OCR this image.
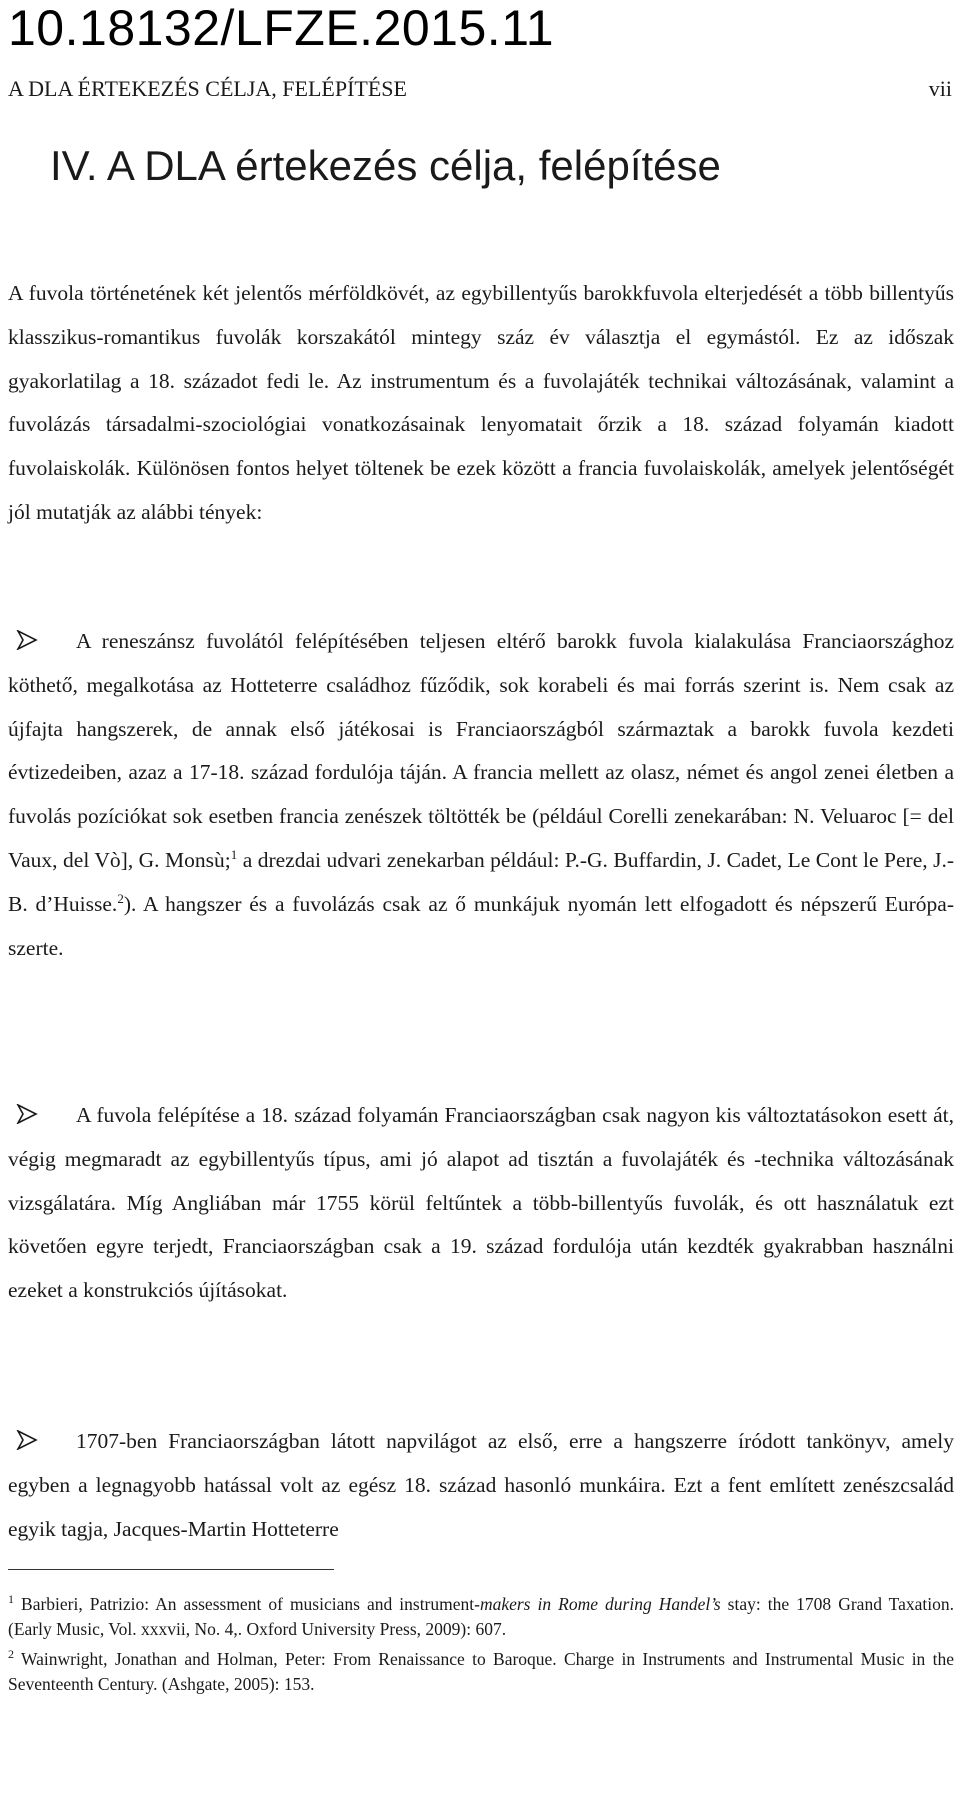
10.18132/LFZE.2015.11
A DLA ÉRTEKEZÉS CÉLJA, FELÉPÍTÉSE	vii
IV. A DLA értekezés célja, felépítése
A fuvola történetének két jelentős mérföldkövét, az egybillentyűs barokkfuvola elterjedését a több billentyűs klasszikus-romantikus fuvolák korszakától mintegy száz év választja el egymástól. Ez az időszak gyakorlatilag a 18. századot fedi le. Az instrumentum és a fuvolajáték technikai változásának, valamint a fuvolázás társadalmi-szociológiai vonatkozásainak lenyomatait őrzik a 18. század folyamán kiadott fuvolaiskolák. Különösen fontos helyet töltenek be ezek között a francia fuvolaiskolák, amelyek jelentőségét jól mutatják az alábbi tények:
A reneszánsz fuvolától felépítésében teljesen eltérő barokk fuvola kialakulása Franciaországhoz köthető, megalkotása az Hotteterre családhoz fűződik, sok korabeli és mai forrás szerint is. Nem csak az újfajta hangszerek, de annak első játékosai is Franciaországból származtak a barokk fuvola kezdeti évtizedeiben, azaz a 17-18. század fordulója táján. A francia mellett az olasz, német és angol zenei életben a fuvolás pozíciókat sok esetben francia zenészek töltötték be (például Corelli zenekarában: N. Veluaroc [= del Vaux, del Vò], G. Monsù;$^1$ a drezdai udvari zenekarban például: P.-G. Buffardin, J. Cadet, Le Cont le Pere, J.-B. d’Huisse.$^2$). A hangszer és a fuvolázás csak az ő munkájuk nyomán lett elfogadott és népszerű Európa-szerte.
A fuvola felépítése a 18. század folyamán Franciaországban csak nagyon kis változtatásokon esett át, végig megmaradt az egybillentyűs típus, ami jó alapot ad tisztán a fuvolajáték és -technika változásának vizsgálatára. Míg Angliában már 1755 körül feltűntek a több-billentyűs fuvolák, és ott használatuk ezt követően egyre terjedt, Franciaországban csak a 19. század fordulója után kezdték gyakrabban használni ezeket a konstrukciós újításokat.
1707-ben Franciaországban látott napvilágot az első, erre a hangszerre íródott tankönyv, amely egyben a legnagyobb hatással volt az egész 18. század hasonló munkáira. Ezt a fent említett zenészcsalád egyik tagja, Jacques-Martin Hotteterre

$^1$ Barbieri, Patrizio: An assessment of musicians and instrument-makers in Rome during Handel’s stay: the 1708 Grand Taxation. (Early Music, Vol. xxxvii, No. 4,. Oxford University Press, 2009): 607.

$^2$ Wainwright, Jonathan and Holman, Peter: From Renaissance to Baroque. Charge in Instruments and Instrumental Music in the Seventeenth Century. (Ashgate, 2005): 153.
